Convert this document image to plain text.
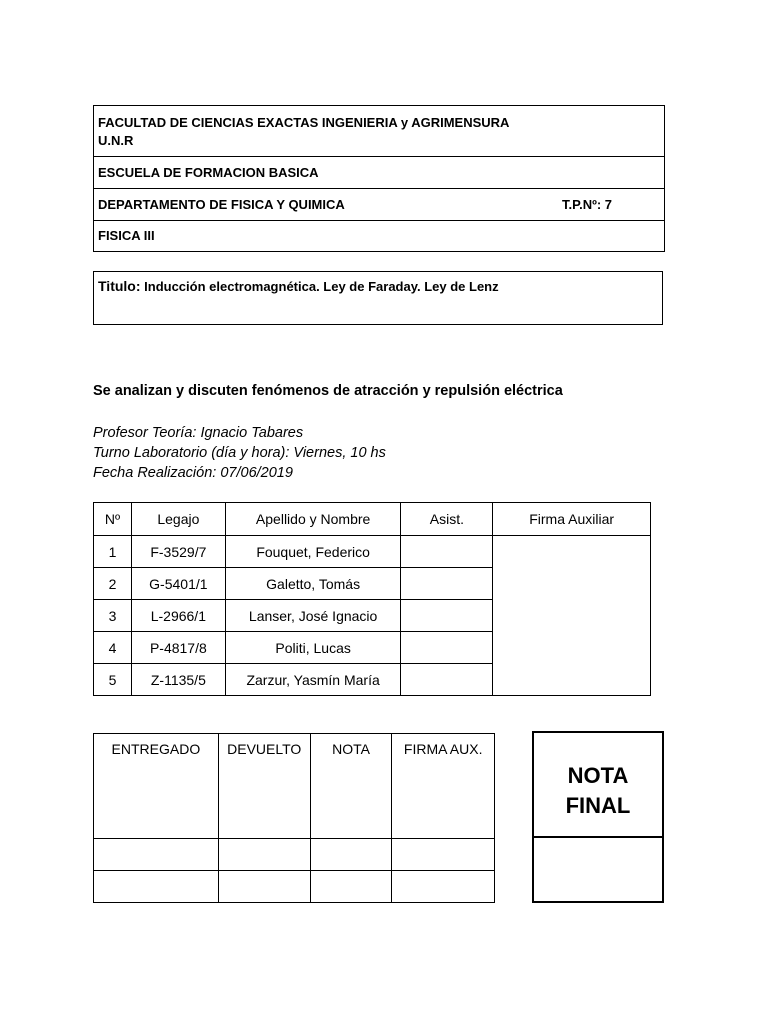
FACULTAD DE CIENCIAS EXACTAS INGENIERIA y AGRIMENSURA
U.N.R
ESCUELA DE FORMACION BASICA
DEPARTAMENTO DE FISICA Y QUIMICA	T.P.Nº: 7
FISICA III
Titulo: Inducción electromagnética. Ley de Faraday. Ley de Lenz
Se analizan y discuten fenómenos de atracción y repulsión eléctrica
Profesor Teoría: Ignacio Tabares
Turno Laboratorio (día y hora): Viernes, 10 hs
Fecha Realización: 07/06/2019
Nº	Legajo	Apellido y Nombre	Asist.	Firma Auxiliar
1	F-3529/7	Fouquet, Federico		
2	G-5401/1	Galetto, Tomás		
3	L-2966/1	Lanser, José Ignacio		
4	P-4817/8	Politi, Lucas		
5	Z-1135/5	Zarzur, Yasmín María		
ENTREGADO	DEVUELTO	NOTA	FIRMA AUX.

NOTA
FINAL
